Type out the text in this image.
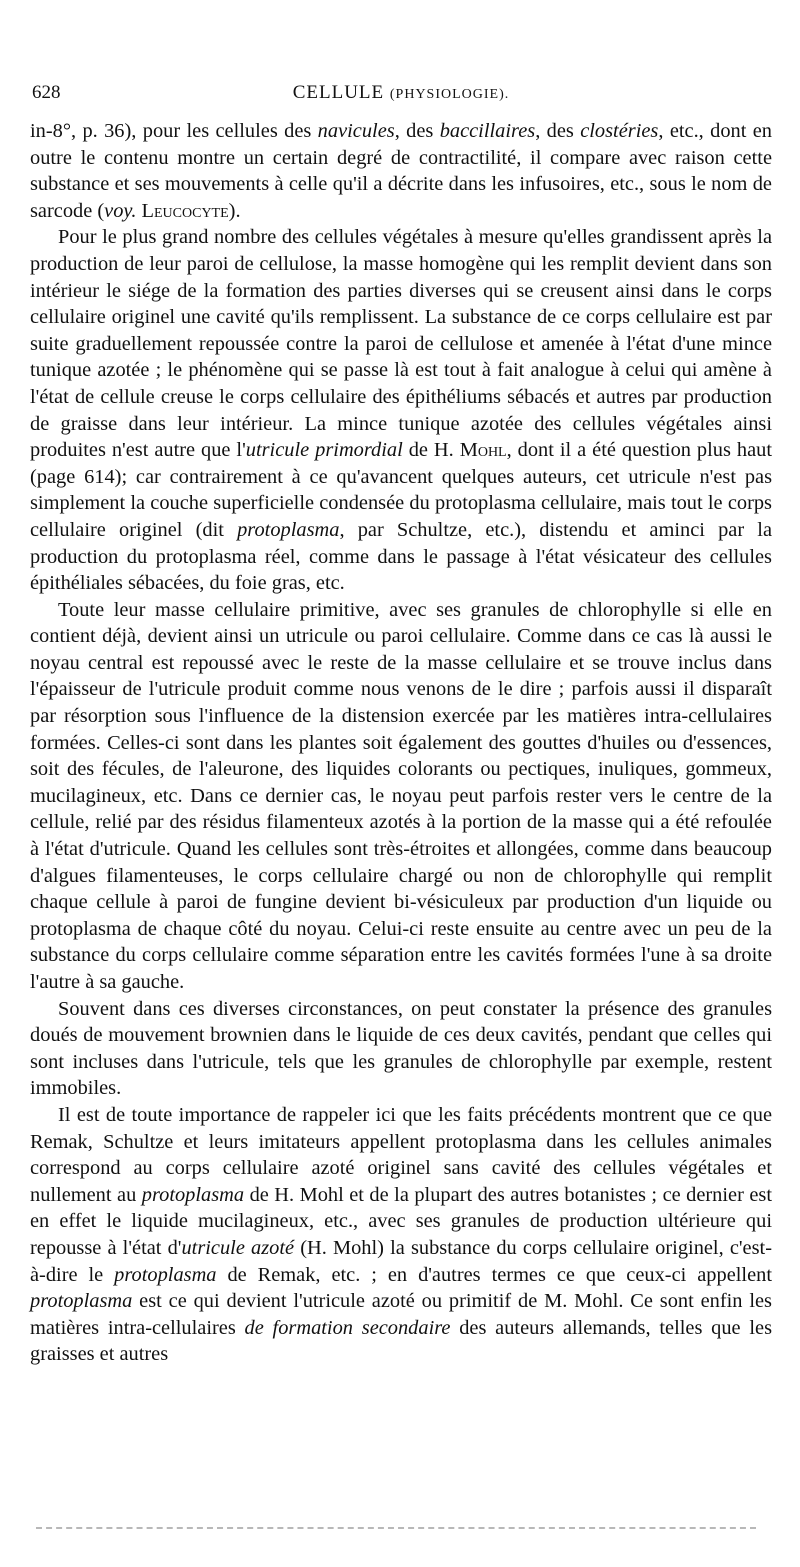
628	CELLULE (PHYSIOLOGIE).

in-8°, p. 36), pour les cellules des navicules, des baccillaires, des clostéries, etc., dont en outre le contenu montre un certain degré de contractilité, il compare avec raison cette substance et ses mouvements à celle qu'il a décrite dans les infusoires, etc., sous le nom de sarcode (voy. Leucocyte).

Pour le plus grand nombre des cellules végétales à mesure qu'elles grandissent après la production de leur paroi de cellulose, la masse homogène qui les remplit devient dans son intérieur le siége de la formation des parties diverses qui se creusent ainsi dans le corps cellulaire originel une cavité qu'ils remplissent. La substance de ce corps cellulaire est par suite graduellement repoussée contre la paroi de cellulose et amenée à l'état d'une mince tunique azotée ; le phénomène qui se passe là est tout à fait analogue à celui qui amène à l'état de cellule creuse le corps cellulaire des épithéliums sébacés et autres par production de graisse dans leur intérieur. La mince tunique azotée des cellules végétales ainsi produites n'est autre que l'utricule primordial de H. Mohl, dont il a été question plus haut (page 614); car contrairement à ce qu'avancent quelques auteurs, cet utricule n'est pas simplement la couche superficielle condensée du protoplasma cellulaire, mais tout le corps cellulaire originel (dit protoplasma, par Schultze, etc.), distendu et aminci par la production du protoplasma réel, comme dans le passage à l'état vésicateur des cellules épithéliales sébacées, du foie gras, etc.

Toute leur masse cellulaire primitive, avec ses granules de chlorophylle si elle en contient déjà, devient ainsi un utricule ou paroi cellulaire. Comme dans ce cas là aussi le noyau central est repoussé avec le reste de la masse cellulaire et se trouve inclus dans l'épaisseur de l'utricule produit comme nous venons de le dire ; parfois aussi il disparaît par résorption sous l'influence de la distension exercée par les matières intra-cellulaires formées. Celles-ci sont dans les plantes soit également des gouttes d'huiles ou d'essences, soit des fécules, de l'aleurone, des liquides colorants ou pectiques, inuliques, gommeux, mucilagineux, etc. Dans ce dernier cas, le noyau peut parfois rester vers le centre de la cellule, relié par des résidus filamenteux azotés à la portion de la masse qui a été refoulée à l'état d'utricule. Quand les cellules sont très-étroites et allongées, comme dans beaucoup d'algues filamenteuses, le corps cellulaire chargé ou non de chlorophylle qui remplit chaque cellule à paroi de fungine devient bi-vésiculeux par production d'un liquide ou protoplasma de chaque côté du noyau. Celui-ci reste ensuite au centre avec un peu de la substance du corps cellulaire comme séparation entre les cavités formées l'une à sa droite l'autre à sa gauche.

Souvent dans ces diverses circonstances, on peut constater la présence des granules doués de mouvement brownien dans le liquide de ces deux cavités, pendant que celles qui sont incluses dans l'utricule, tels que les granules de chlorophylle par exemple, restent immobiles.

Il est de toute importance de rappeler ici que les faits précédents montrent que ce que Remak, Schultze et leurs imitateurs appellent protoplasma dans les cellules animales correspond au corps cellulaire azoté originel sans cavité des cellules végétales et nullement au protoplasma de H. Mohl et de la plupart des autres botanistes ; ce dernier est en effet le liquide mucilagineux, etc., avec ses granules de production ultérieure qui repousse à l'état d'utricule azoté (H. Mohl) la substance du corps cellulaire originel, c'est-à-dire le protoplasma de Remak, etc. ; en d'autres termes ce que ceux-ci appellent protoplasma est ce qui devient l'utricule azoté ou primitif de M. Mohl. Ce sont enfin les matières intra-cellulaires de formation secondaire des auteurs allemands, telles que les graisses et autres
